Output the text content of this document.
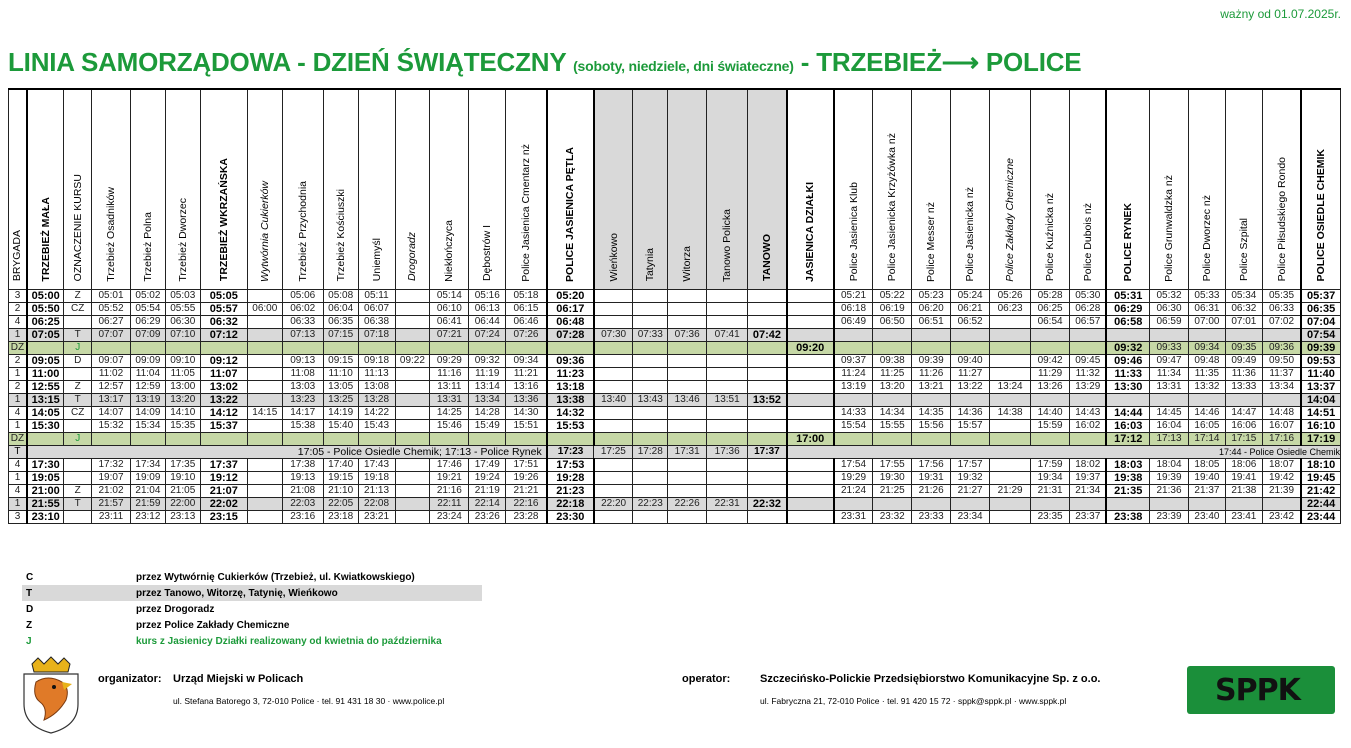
ważny od 01.07.2025r.
LINIA SAMORZĄDOWA - DZIEŃ ŚWIĄTECZNY (soboty, niedziele, dni świateczne) - TRZEBIEŻ⟶ POLICE
BRYGADA	TRZEBIEŻ MAŁA	OZNACZENIE KURSU	Trzebież Osadników	Trzebież Polna	Trzebież Dworzec	TRZEBIEŻ WKRZAŃSKA	Wytwórnia Cukierków	Trzebież Przychodnia	Trzebież Kościuszki	Uniemyśl	Drogoradz	Niekłończyca	Dębostrów I	Police Jasienica Cmentarz nż	POLICE JASIENICA PĘTLA	Wieńkowo	Tatynia	Witorza	Tanowo Policka	TANOWO	JASIENICA DZIAŁKI	Police Jasienica Klub	Police Jasienicka Krzyżówka nż	Police Messer nż	Police Jasienicka nż	Police Zakłady Chemiczne	Police Kuźnicka nż	Police Dubois nż	POLICE RYNEK	Police Grunwaldzka nż	Police Dworzec nż	Police Szpital	Police Piłsudskiego Rondo	POLICE OSIEDLE CHEMIK
3	05:00	Z	05:01	05:02	05:03	05:05		05:06	05:08	05:11		05:14	05:16	05:18	05:20							05:21	05:22	05:23	05:24	05:26	05:28	05:30	05:31	05:32	05:33	05:34	05:35	05:37
2	05:50	CZ	05:52	05:54	05:55	05:57	06:00	06:02	06:04	06:07		06:10	06:13	06:15	06:17							06:18	06:19	06:20	06:21	06:23	06:25	06:28	06:29	06:30	06:31	06:32	06:33	06:35
4	06:25		06:27	06:29	06:30	06:32		06:33	06:35	06:38		06:41	06:44	06:46	06:48							06:49	06:50	06:51	06:52		06:54	06:57	06:58	06:59	07:00	07:01	07:02	07:04
1	07:05	T	07:07	07:09	07:10	07:12		07:13	07:15	07:18		07:21	07:24	07:26	07:28	07:30	07:33	07:36	07:41	07:42														07:54
DZ		J																			09:20								09:32	09:33	09:34	09:35	09:36	09:39
2	09:05	D	09:07	09:09	09:10	09:12		09:13	09:15	09:18	09:22	09:29	09:32	09:34	09:36							09:37	09:38	09:39	09:40		09:42	09:45	09:46	09:47	09:48	09:49	09:50	09:53
1	11:00		11:02	11:04	11:05	11:07		11:08	11:10	11:13		11:16	11:19	11:21	11:23							11:24	11:25	11:26	11:27		11:29	11:32	11:33	11:34	11:35	11:36	11:37	11:40
2	12:55	Z	12:57	12:59	13:00	13:02		13:03	13:05	13:08		13:11	13:14	13:16	13:18							13:19	13:20	13:21	13:22	13:24	13:26	13:29	13:30	13:31	13:32	13:33	13:34	13:37
1	13:15	T	13:17	13:19	13:20	13:22		13:23	13:25	13:28		13:31	13:34	13:36	13:38	13:40	13:43	13:46	13:51	13:52														14:04
4	14:05	CZ	14:07	14:09	14:10	14:12	14:15	14:17	14:19	14:22		14:25	14:28	14:30	14:32							14:33	14:34	14:35	14:36	14:38	14:40	14:43	14:44	14:45	14:46	14:47	14:48	14:51
1	15:30		15:32	15:34	15:35	15:37		15:38	15:40	15:43		15:46	15:49	15:51	15:53							15:54	15:55	15:56	15:57		15:59	16:02	16:03	16:04	16:05	16:06	16:07	16:10
DZ		J																			17:00								17:12	17:13	17:14	17:15	17:16	17:19
T	17:05 - Police Osiedle Chemik; 17:13 - Police Rynek														17:23	17:25	17:28	17:31	17:36	17:37	17:44 - Police Osiedle Chemik													
4	17:30		17:32	17:34	17:35	17:37		17:38	17:40	17:43		17:46	17:49	17:51	17:53							17:54	17:55	17:56	17:57		17:59	18:02	18:03	18:04	18:05	18:06	18:07	18:10
1	19:05		19:07	19:09	19:10	19:12		19:13	19:15	19:18		19:21	19:24	19:26	19:28							19:29	19:30	19:31	19:32		19:34	19:37	19:38	19:39	19:40	19:41	19:42	19:45
4	21:00	Z	21:02	21:04	21:05	21:07		21:08	21:10	21:13		21:16	21:19	21:21	21:23							21:24	21:25	21:26	21:27	21:29	21:31	21:34	21:35	21:36	21:37	21:38	21:39	21:42
1	21:55	T	21:57	21:59	22:00	22:02		22:03	22:05	22:08		22:11	22:14	22:16	22:18	22:20	22:23	22:26	22:31	22:32														22:44
3	23:10		23:11	23:12	23:13	23:15		23:16	23:18	23:21		23:24	23:26	23:28	23:30							23:31	23:32	23:33	23:34		23:35	23:37	23:38	23:39	23:40	23:41	23:42	23:44
C	przez Wytwórnię Cukierków (Trzebież, ul. Kwiatkowskiego)
T	przez Tanowo, Witorzę, Tatynię, Wieńkowo
D	przez Drogoradz
Z	przez Police Zakłady Chemiczne
J	kurs z Jasienicy Działki realizowany od kwietnia do października
organizator: Urząd Miejski w Policach
ul. Stefana Batorego 3, 72-010 Police · tel. 91 431 18 30 · www.police.pl
operator:	Szczecińsko-Polickie Przedsiębiorstwo Komunikacyjne Sp. z o.o.
ul. Fabryczna 21, 72-010 Police · tel. 91 420 15 72 · sppk@sppk.pl · www.sppk.pl	SPPK
